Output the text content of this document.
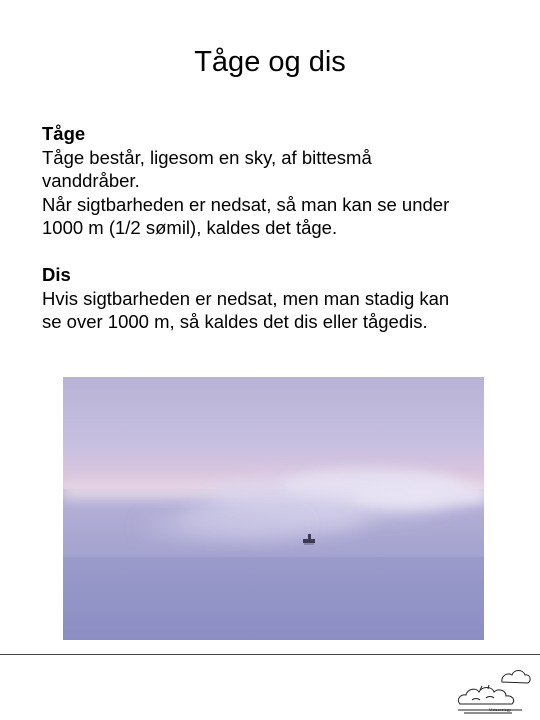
Tåge og dis
Tåge
Tåge består, ligesom en sky, af bittesmå
vanddråber.
Når sigtbarheden er nedsat, så man kan se under
1000 m (1/2 sømil), kaldes det tåge.
Dis
Hvis sigtbarheden er nedsat, men man stadig kan
se over 1000 m, så kaldes det dis eller tågedis.
Meteorology
